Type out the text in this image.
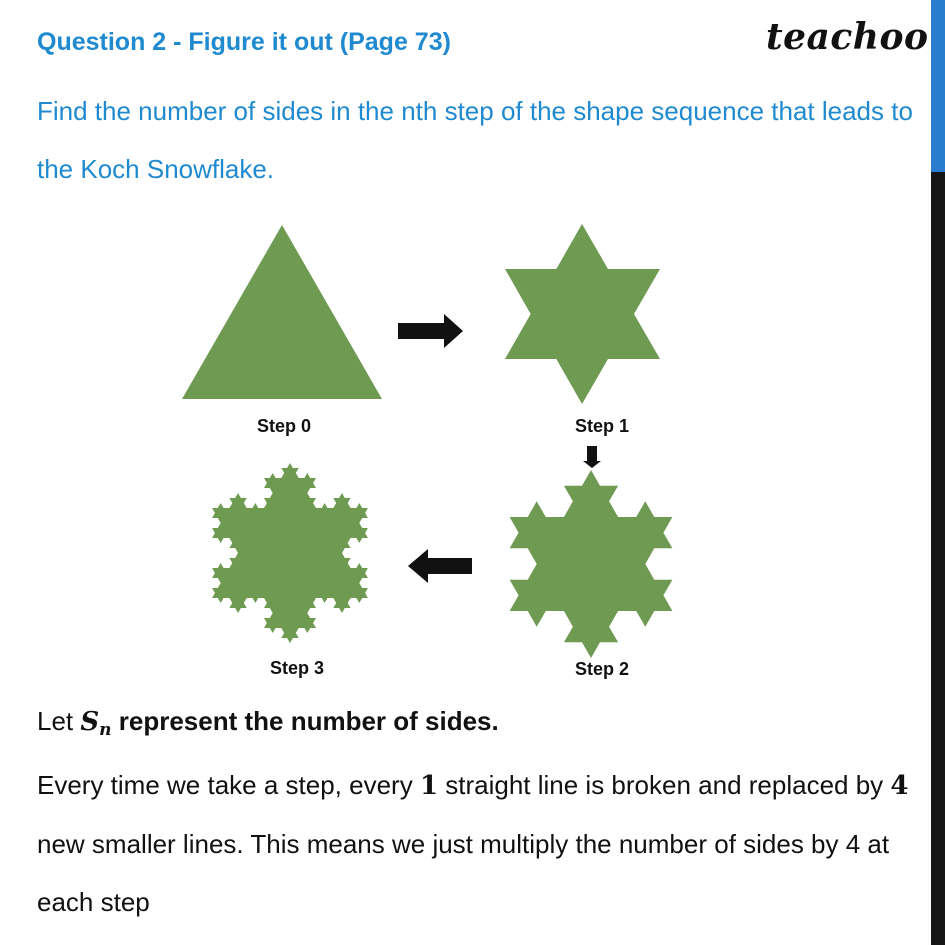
Question 2 - Figure it out (Page 73)	teachoo
Find the number of sides in the nth step of the shape sequence that leads to the Koch Snowflake.
Step 0	Step 1
Step 2
Step 3
Let $S_n$ represent the number of sides.
Every time we take a step, every 1 straight line is broken and replaced by 4 new smaller lines. This means we just multiply the number of sides by 4 at each step
